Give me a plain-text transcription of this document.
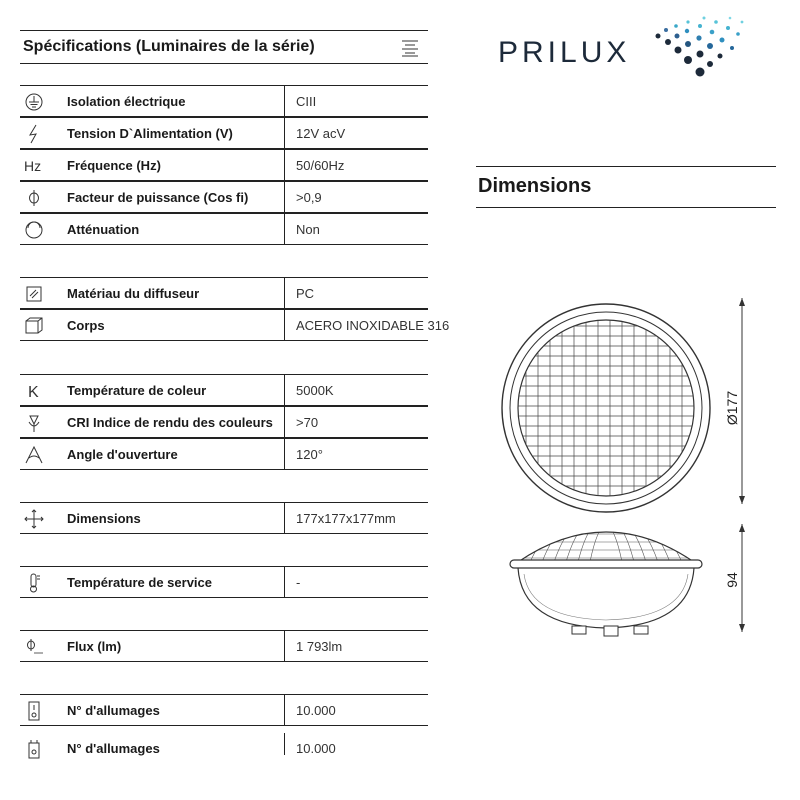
Spécifications (Luminaires de la série)
Isolation électrique	CIII
Tension D`Alimentation (V)	12V acV
Hz Fréquence (Hz)	50/60Hz
Facteur de puissance (Cos fi)	>0,9
Atténuation	Non
Matériau du diffuseur	PC
Corps	ACERO INOXIDABLE 316
K Température de coleur	5000K
CRI Indice de rendu des couleurs >70
Angle d'ouverture	120°
Dimensions	177x177x177mm
Température de service	-
Flux (lm)	1 793lm
N° d'allumages	10.000
N° d'allumages	10.000
PRILUX
Dimensions
Ø177
94
